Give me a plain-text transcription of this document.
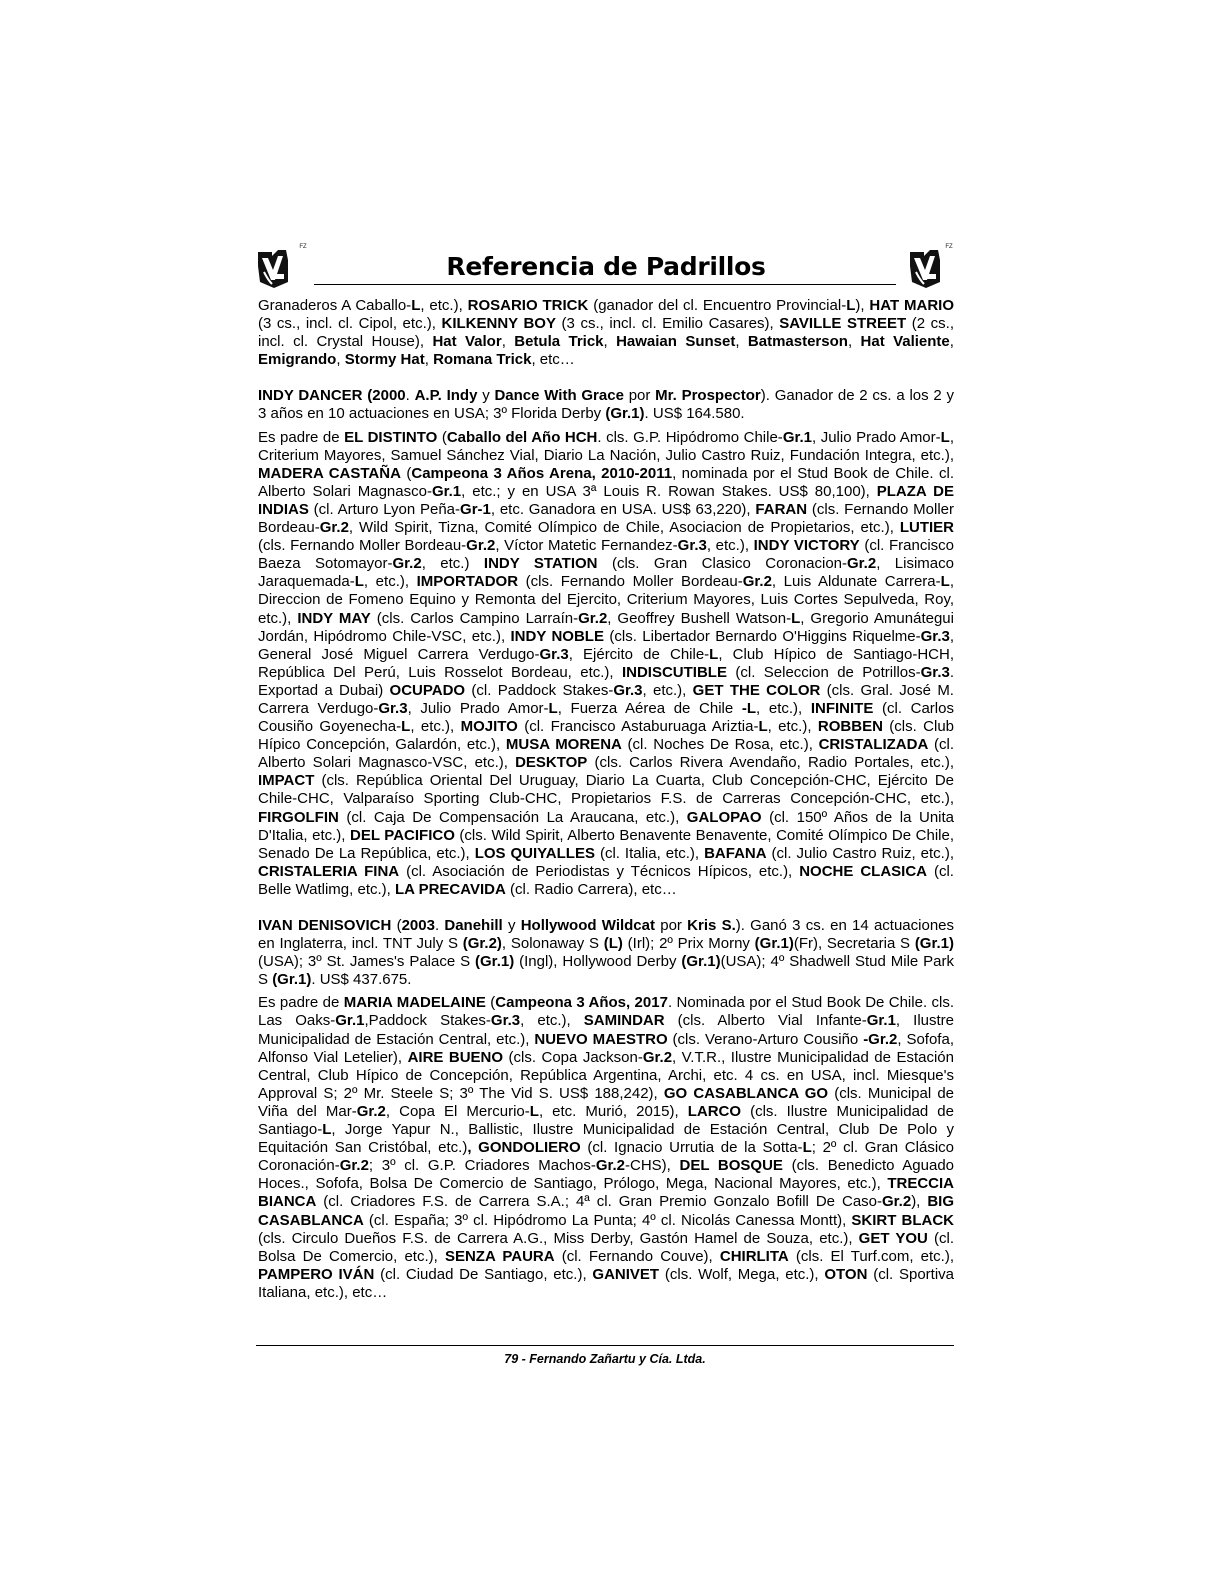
FZ
Referencia de Padrillos
FZ

Granaderos A Caballo-L, etc.), ROSARIO TRICK (ganador del cl. Encuentro Provincial-L), HAT MARIO (3 cs., incl. cl. Cipol, etc.), KILKENNY BOY (3 cs., incl. cl. Emilio Casares), SAVILLE STREET (2 cs., incl. cl. Crystal House), Hat Valor, Betula Trick, Hawaian Sunset, Batmasterson, Hat Valiente, Emigrando, Stormy Hat, Romana Trick, etc…

INDY DANCER (2000. A.P. Indy y Dance With Grace por Mr. Prospector). Ganador de 2 cs. a los 2 y 3 años en 10 actuaciones en USA; 3º Florida Derby (Gr.1). US$ 164.580.

Es padre de EL DISTINTO (Caballo del Año HCH. cls. G.P. Hipódromo Chile-Gr.1, Julio Prado Amor-L, Criterium Mayores, Samuel Sánchez Vial, Diario La Nación, Julio Castro Ruiz, Fundación Integra, etc.), MADERA CASTAÑA (Campeona 3 Años Arena, 2010-2011, nominada por el Stud Book de Chile. cl. Alberto Solari Magnasco-Gr.1, etc.; y en USA 3ª Louis R. Rowan Stakes. US$ 80,100), PLAZA DE INDIAS (cl. Arturo Lyon Peña-Gr-1, etc. Ganadora en USA. US$ 63,220), FARAN (cls. Fernando Moller Bordeau-Gr.2, Wild Spirit, Tizna, Comité Olímpico de Chile, Asociacion de Propietarios, etc.), LUTIER (cls. Fernando Moller Bordeau-Gr.2, Víctor Matetic Fernandez-Gr.3, etc.), INDY VICTORY (cl. Francisco Baeza Sotomayor-Gr.2, etc.) INDY STATION (cls. Gran Clasico Coronacion-Gr.2, Lisimaco Jaraquemada-L, etc.), IMPORTADOR (cls. Fernando Moller Bordeau-Gr.2, Luis Aldunate Carrera-L, Direccion de Fomeno Equino y Remonta del Ejercito, Criterium Mayores, Luis Cortes Sepulveda, Roy, etc.), INDY MAY (cls. Carlos Campino Larraín-Gr.2, Geoffrey Bushell Watson-L, Gregorio Amunátegui Jordán, Hipódromo Chile-VSC, etc.), INDY NOBLE (cls. Libertador Bernardo O'Higgins Riquelme-Gr.3, General José Miguel Carrera Verdugo-Gr.3, Ejército de Chile-L, Club Hípico de Santiago-HCH, República Del Perú, Luis Rosselot Bordeau, etc.), INDISCUTIBLE (cl. Seleccion de Potrillos-Gr.3. Exportad a Dubai) OCUPADO (cl. Paddock Stakes-Gr.3, etc.), GET THE COLOR (cls. Gral. José M. Carrera Verdugo-Gr.3, Julio Prado Amor-L, Fuerza Aérea de Chile -L, etc.), INFINITE (cl. Carlos Cousiño Goyenecha-L, etc.), MOJITO (cl. Francisco Astaburuaga Ariztia-L, etc.), ROBBEN (cls. Club Hípico Concepción, Galardón, etc.), MUSA MORENA (cl. Noches De Rosa, etc.), CRISTALIZADA (cl. Alberto Solari Magnasco-VSC, etc.), DESKTOP (cls. Carlos Rivera Avendaño, Radio Portales, etc.), IMPACT (cls. República Oriental Del Uruguay, Diario La Cuarta, Club Concepción-CHC, Ejército De Chile-CHC, Valparaíso Sporting Club-CHC, Propietarios F.S. de Carreras Concepción-CHC, etc.), FIRGOLFIN (cl. Caja De Compensación La Araucana, etc.), GALOPAO (cl. 150º Años de la Unita D'Italia, etc.), DEL PACIFICO (cls. Wild Spirit, Alberto Benavente Benavente, Comité Olímpico De Chile, Senado De La República, etc.), LOS QUIYALLES (cl. Italia, etc.), BAFANA (cl. Julio Castro Ruiz, etc.), CRISTALERIA FINA (cl. Asociación de Periodistas y Técnicos Hípicos, etc.), NOCHE CLASICA (cl. Belle Watlimg, etc.), LA PRECAVIDA (cl. Radio Carrera), etc…

IVAN DENISOVICH (2003. Danehill y Hollywood Wildcat por Kris S.). Ganó 3 cs. en 14 actuaciones en Inglaterra, incl. TNT July S (Gr.2), Solonaway S (L) (Irl); 2º Prix Morny (Gr.1)(Fr), Secretaria S (Gr.1)(USA); 3º St. James's Palace S (Gr.1) (Ingl), Hollywood Derby (Gr.1)(USA); 4º Shadwell Stud Mile Park S (Gr.1). US$ 437.675.

Es padre de MARIA MADELAINE (Campeona 3 Años, 2017. Nominada por el Stud Book De Chile. cls. Las Oaks-Gr.1,Paddock Stakes-Gr.3, etc.), SAMINDAR (cls. Alberto Vial Infante-Gr.1, Ilustre Municipalidad de Estación Central, etc.), NUEVO MAESTRO (cls. Verano-Arturo Cousiño -Gr.2, Sofofa, Alfonso Vial Letelier), AIRE BUENO (cls. Copa Jackson-Gr.2, V.T.R., Ilustre Municipalidad de Estación Central, Club Hípico de Concepción, República Argentina, Archi, etc. 4 cs. en USA, incl. Miesque's Approval S; 2º Mr. Steele S; 3º The Vid S. US$ 188,242), GO CASABLANCA GO (cls. Municipal de Viña del Mar-Gr.2, Copa El Mercurio-L, etc. Murió, 2015), LARCO (cls. Ilustre Municipalidad de Santiago-L, Jorge Yapur N., Ballistic, Ilustre Municipalidad de Estación Central, Club De Polo y Equitación San Cristóbal, etc.), GONDOLIERO (cl. Ignacio Urrutia de la Sotta-L; 2º cl. Gran Clásico Coronación-Gr.2; 3º cl. G.P. Criadores Machos-Gr.2-CHS), DEL BOSQUE (cls. Benedicto Aguado Hoces., Sofofa, Bolsa De Comercio de Santiago, Prólogo, Mega, Nacional Mayores, etc.), TRECCIA BIANCA (cl. Criadores F.S. de Carrera S.A.; 4ª cl. Gran Premio Gonzalo Bofill De Caso-Gr.2), BIG CASABLANCA (cl. España; 3º cl. Hipódromo La Punta; 4º cl. Nicolás Canessa Montt), SKIRT BLACK (cls. Circulo Dueños F.S. de Carrera A.G., Miss Derby, Gastón Hamel de Souza, etc.), GET YOU (cl. Bolsa De Comercio, etc.), SENZA PAURA (cl. Fernando Couve), CHIRLITA (cls. El Turf.com, etc.), PAMPERO IVÁN (cl. Ciudad De Santiago, etc.), GANIVET (cls. Wolf, Mega, etc.), OTON (cl. Sportiva Italiana, etc.), etc…

79 - Fernando Zañartu y Cía. Ltda.
